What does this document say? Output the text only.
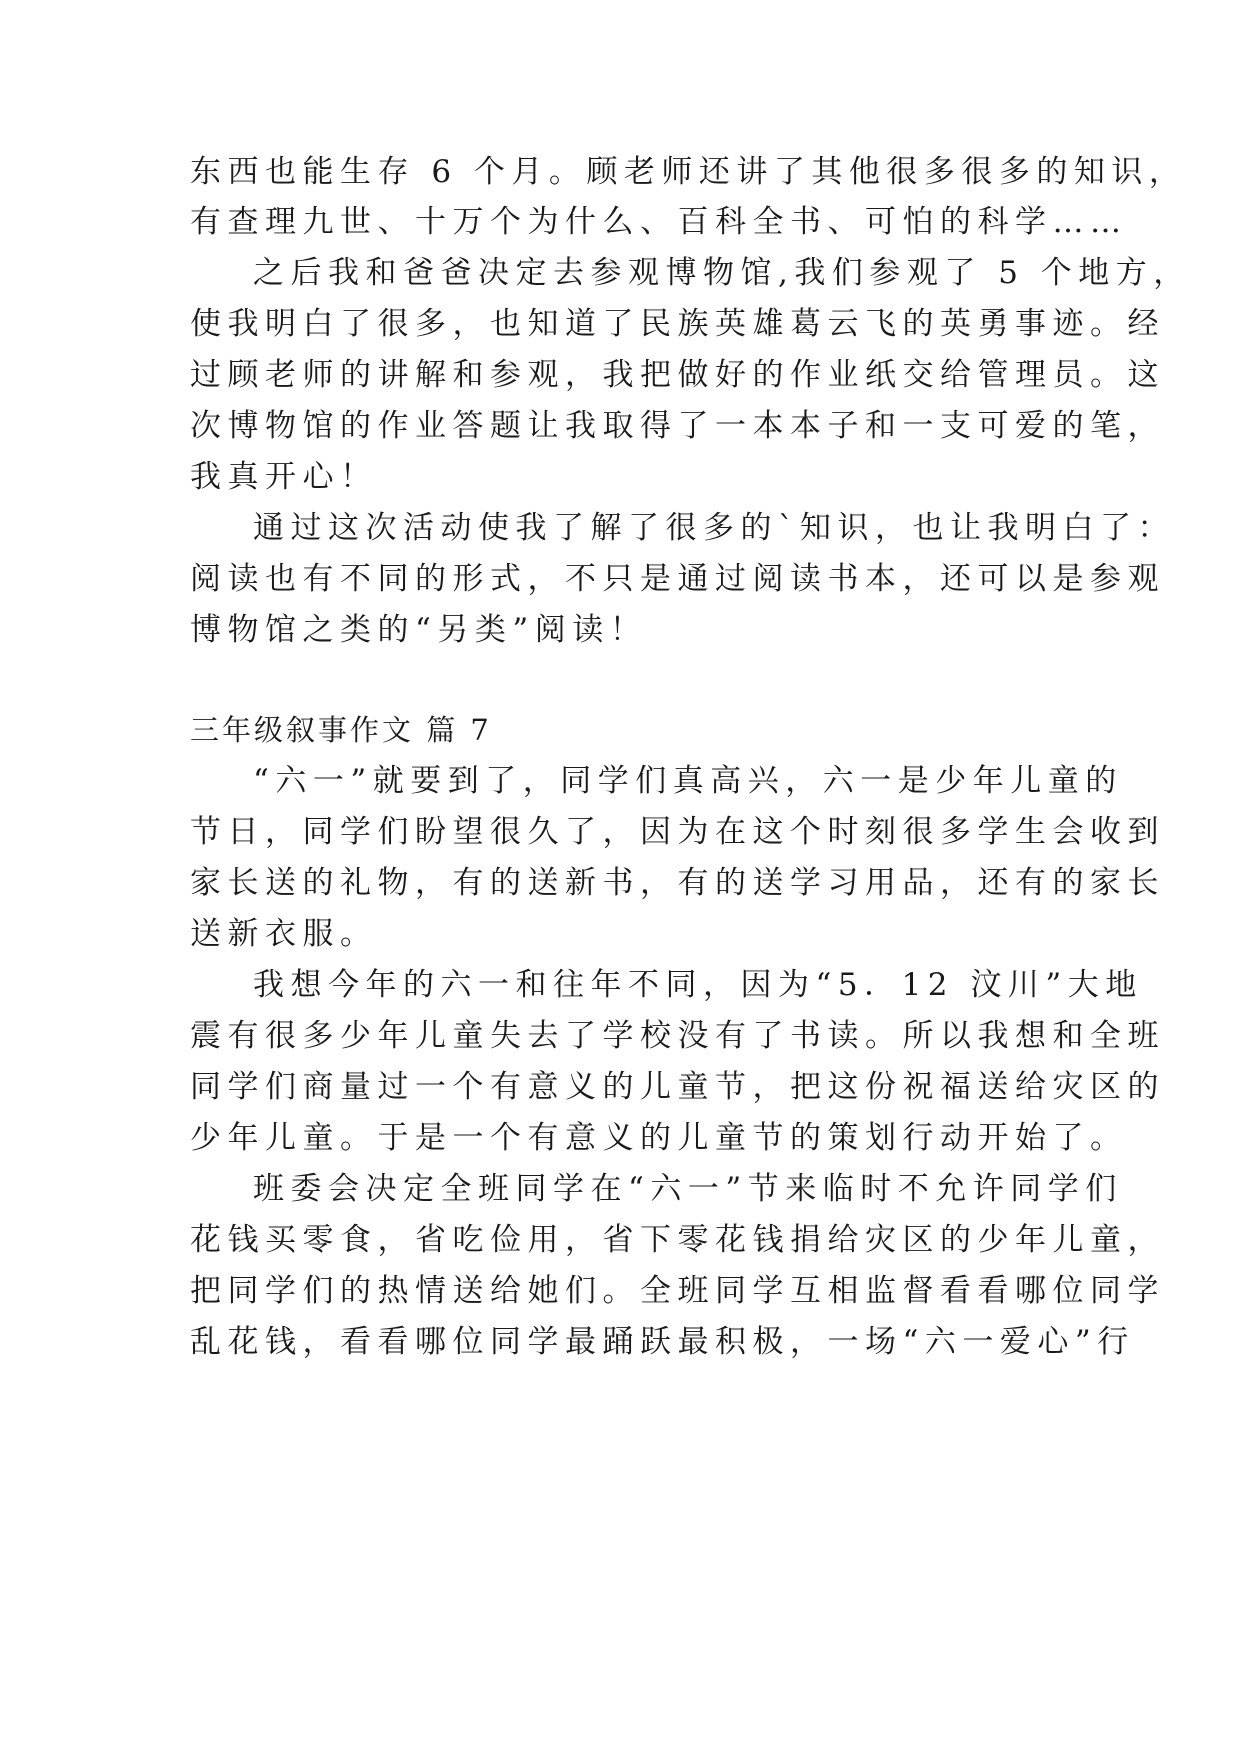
东西也能生存 6 个月。顾老师还讲了其他很多很多的知识，
有查理九世、十万个为什么、百科全书、可怕的科学……
之后我和爸爸决定去参观博物馆,我们参观了 5 个地方，
使我明白了很多，也知道了民族英雄葛云飞的英勇事迹。经
过顾老师的讲解和参观，我把做好的作业纸交给管理员。这
次博物馆的作业答题让我取得了一本本子和一支可爱的笔，
我真开心！
通过这次活动使我了解了很多的`知识，也让我明白了：
阅读也有不同的形式，不只是通过阅读书本，还可以是参观
博物馆之类的“另类”阅读！
三年级叙事作文 篇 7
“六一”就要到了，同学们真高兴，六一是少年儿童的
节日，同学们盼望很久了，因为在这个时刻很多学生会收到
家长送的礼物，有的送新书，有的送学习用品，还有的家长
送新衣服。
我想今年的六一和往年不同，因为“5．12 汶川”大地
震有很多少年儿童失去了学校没有了书读。所以我想和全班
同学们商量过一个有意义的儿童节，把这份祝福送给灾区的
少年儿童。于是一个有意义的儿童节的策划行动开始了。
班委会决定全班同学在“六一”节来临时不允许同学们
花钱买零食，省吃俭用，省下零花钱捐给灾区的少年儿童，
把同学们的热情送给她们。全班同学互相监督看看哪位同学
乱花钱，看看哪位同学最踊跃最积极，一场“六一爱心”行
